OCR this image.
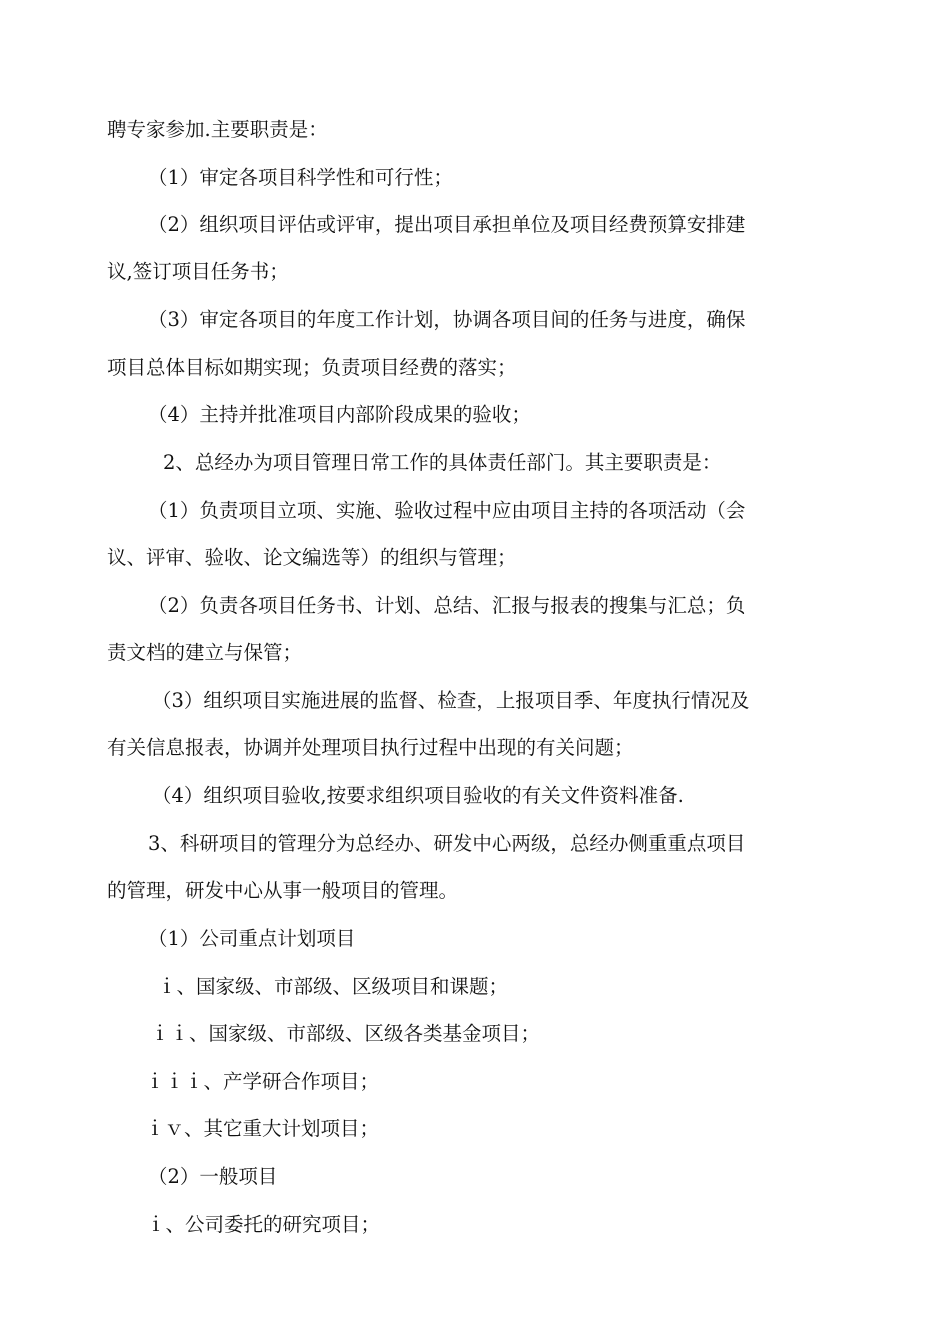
聘专家参加.主要职责是：
（1）审定各项目科学性和可行性；
（2）组织项目评估或评审，提出项目承担单位及项目经费预算安排建
议,签订项目任务书；
（3）审定各项目的年度工作计划，协调各项目间的任务与进度，确保
项目总体目标如期实现；负责项目经费的落实；
（4）主持并批准项目内部阶段成果的验收；
2、总经办为项目管理日常工作的具体责任部门。其主要职责是：
（1）负责项目立项、实施、验收过程中应由项目主持的各项活动（会
议、评审、验收、论文编选等）的组织与管理；
（2）负责各项目任务书、计划、总结、汇报与报表的搜集与汇总；负
责文档的建立与保管；
（3）组织项目实施进展的监督、检查，上报项目季、年度执行情况及
有关信息报表，协调并处理项目执行过程中出现的有关问题；
（4）组织项目验收,按要求组织项目验收的有关文件资料准备.
3、科研项目的管理分为总经办、研发中心两级，总经办侧重重点项目
的管理，研发中心从事一般项目的管理。
（1）公司重点计划项目
ｉ、国家级、市部级、区级项目和课题；
ｉｉ、国家级、市部级、区级各类基金项目；
ｉｉｉ、产学研合作项目；
ｉｖ、其它重大计划项目；
（2）一般项目
ｉ、公司委托的研究项目；
